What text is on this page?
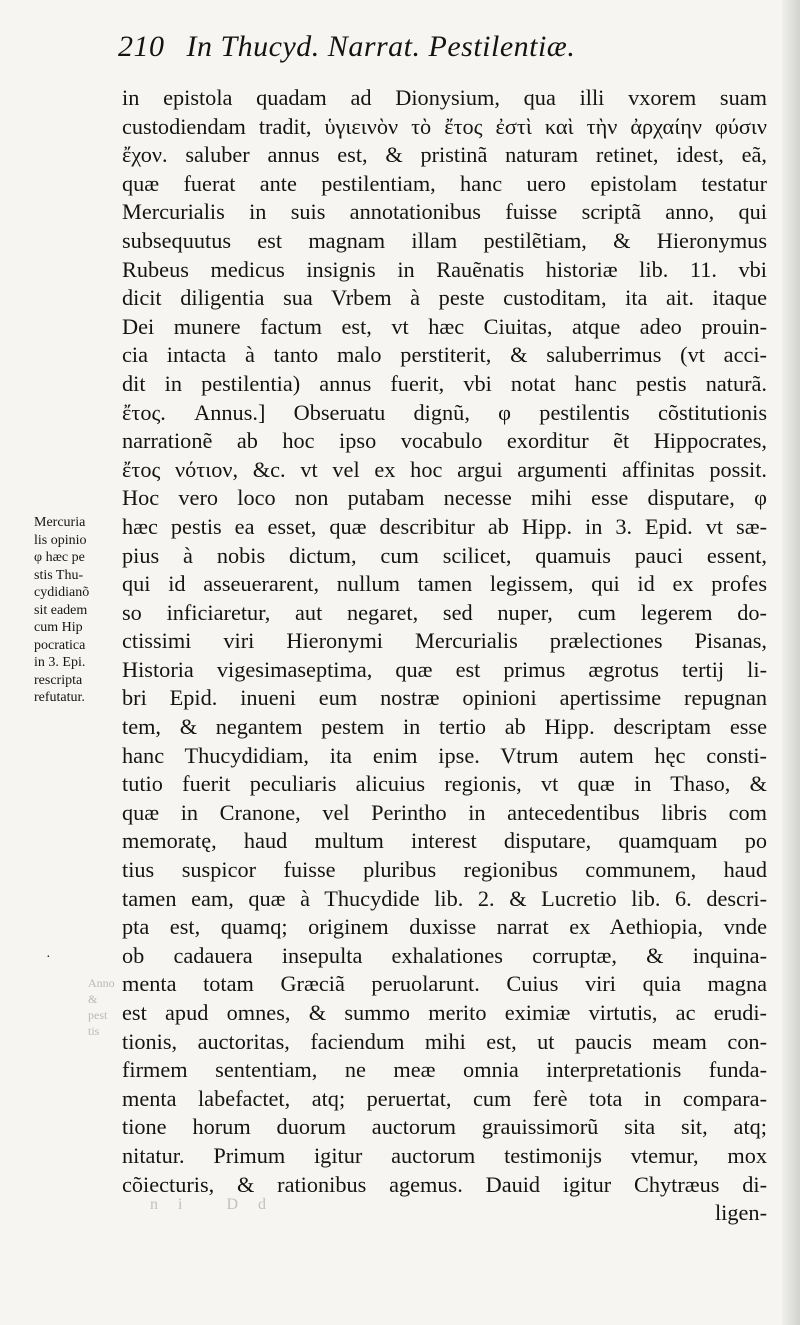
210 In Thucyd. Narrat. Pestilentiæ.
in epistola quadam ad Dionysium, qua illi vxorem suam
custodiendam tradit, ὑγιεινὸν τὸ ἔτος ἐστὶ καὶ τὴν ἀρχαίην φύσιν
ἔχον. saluber annus est, & pristinã naturam retinet, idest, eã,
quæ fuerat ante pestilentiam, hanc uero epistolam testatur
Mercurialis in suis annotationibus fuisse scriptã anno, qui
subsequutus est magnam illam pestilẽtiam, & Hieronymus
Rubeus medicus insignis in Rauẽnatis historiæ lib. 11. vbi
dicit diligentia sua Vrbem à peste custoditam, ita ait. itaque
Dei munere factum est, vt hæc Ciuitas, atque adeo prouin-
cia intacta à tanto malo perstiterit, & saluberrimus (vt acci-
dit in pestilentia) annus fuerit, vbi notat hanc pestis naturã.
ἔτος. Annus.] Obseruatu dignũ, φ pestilentis cõstitutionis
narrationẽ ab hoc ipso vocabulo exorditur ẽt Hippocrates,
ἔτος νότιον, &c. vt vel ex hoc argui argumenti affinitas possit.
Hoc vero loco non putabam necesse mihi esse disputare, φ
hæc pestis ea esset, quæ describitur ab Hipp. in 3. Epid. vt sæ-
pius à nobis dictum, cum scilicet, quamuis pauci essent,
qui id asseuerarent, nullum tamen legissem, qui id ex profes
so inficiaretur, aut negaret, sed nuper, cum legerem do-
ctissimi viri Hieronymi Mercurialis prælectiones Pisanas,
Historia vigesimaseptima, quæ est primus ægrotus tertij li-
bri Epid. inueni eum nostræ opinioni apertissime repugnan
tem, & negantem pestem in tertio ab Hipp. descriptam esse
hanc Thucydidiam, ita enim ipse. Vtrum autem hęc consti-
tutio fuerit peculiaris alicuius regionis, vt quæ in Thaso, &
quæ in Cranone, vel Perintho in antecedentibus libris com
memoratę, haud multum interest disputare, quamquam po
tius suspicor fuisse pluribus regionibus communem, haud
tamen eam, quæ à Thucydide lib. 2. & Lucretio lib. 6. descri-
pta est, quamq; originem duxisse narrat ex Aethiopia, vnde
ob cadauera insepulta exhalationes corruptæ, & inquina-
menta totam Græciã peruolarunt. Cuius viri quia magna
est apud omnes, & summo merito eximiæ virtutis, ac erudi-
tionis, auctoritas, faciendum mihi est, ut paucis meam con-
firmem sententiam, ne meæ omnia interpretationis funda-
menta labefactet, atq; peruertat, cum ferè tota in compara-
tione horum duorum auctorum grauissimorũ sita sit, atq;
nitatur. Primum igitur auctorum testimonijs vtemur, mox
cõiecturis, & rationibus agemus. Dauid igitur Chytræus di-
ligen-
Mercuria
lis opinio
φ hæc pe
stis Thu-
cydidianõ
sit eadem
cum Hip
pocratica
in 3. Epi.
rescripta
refutatur.
·
Anno
&
pest
tis
ni Dd
